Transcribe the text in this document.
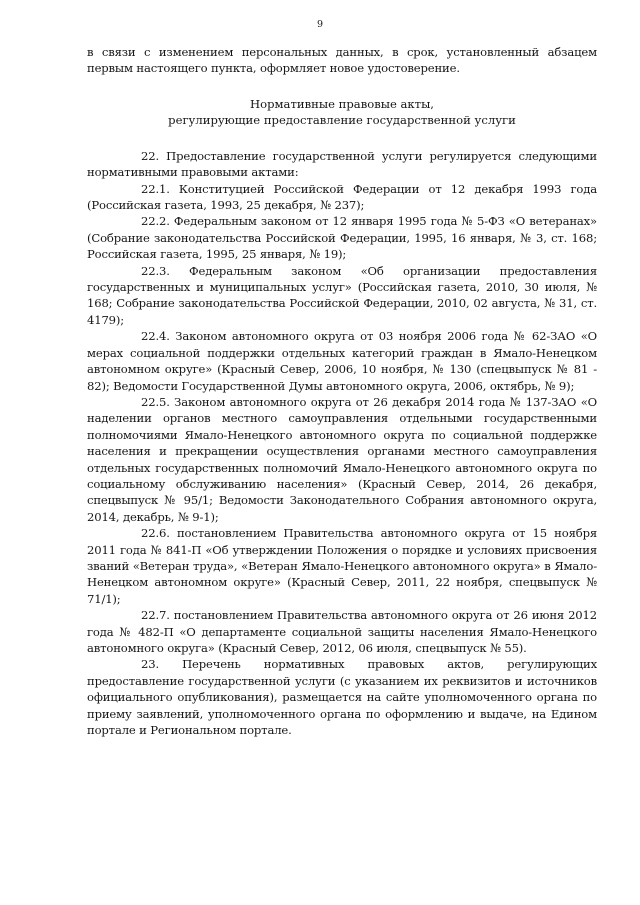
9

в связи с изменением персональных данных, в срок, установленный абзацем первым настоящего пункта, оформляет новое удостоверение.

Нормативные правовые акты,
регулирующие предоставление государственной услуги

22. Предоставление государственной услуги регулируется следующими нормативными правовыми актами:

22.1. Конституцией Российской Федерации от 12 декабря 1993 года (Российская газета, 1993, 25 декабря, № 237);

22.2. Федеральным законом от 12 января 1995 года № 5-ФЗ «О ветеранах» (Собрание законодательства Российской Федерации, 1995, 16 января, № 3, ст. 168; Российская газета, 1995, 25 января, № 19);

22.3. Федеральным законом «Об организации предоставления государственных и муниципальных услуг» (Российская газета, 2010, 30 июля, № 168; Собрание законодательства Российской Федерации, 2010, 02 августа, № 31, ст. 4179);

22.4. Законом автономного округа от 03 ноября 2006 года № 62-ЗАО «О мерах социальной поддержки отдельных категорий граждан в Ямало-Ненецком автономном округе» (Красный Север, 2006, 10 ноября, № 130 (спецвыпуск № 81 - 82); Ведомости Государственной Думы автономного округа, 2006, октябрь, № 9);

22.5. Законом автономного округа от 26 декабря 2014 года № 137-ЗАО «О наделении органов местного самоуправления отдельными государственными полномочиями Ямало-Ненецкого автономного округа по социальной поддержке населения и прекращении осуществления органами местного самоуправления отдельных государственных полномочий Ямало-Ненецкого автономного округа по социальному обслуживанию населения» (Красный Север, 2014, 26 декабря, спецвыпуск № 95/1; Ведомости Законодательного Собрания автономного округа, 2014, декабрь, № 9-1);

22.6. постановлением Правительства автономного округа от 15 ноября 2011 года № 841-П «Об утверждении Положения о порядке и условиях присвоения званий «Ветеран труда», «Ветеран Ямало-Ненецкого автономного округа» в Ямало-Ненецком автономном округе» (Красный Север, 2011, 22 ноября, спецвыпуск № 71/1);

22.7. постановлением Правительства автономного округа от 26 июня 2012 года № 482-П «О департаменте социальной защиты населения Ямало-Ненецкого автономного округа» (Красный Север, 2012, 06 июля, спецвыпуск № 55).

23. Перечень нормативных правовых актов, регулирующих предоставление государственной услуги (с указанием их реквизитов и источников официального опубликования), размещается на сайте уполномоченного органа по приему заявлений, уполномоченного органа по оформлению и выдаче, на Едином портале и Региональном портале.
